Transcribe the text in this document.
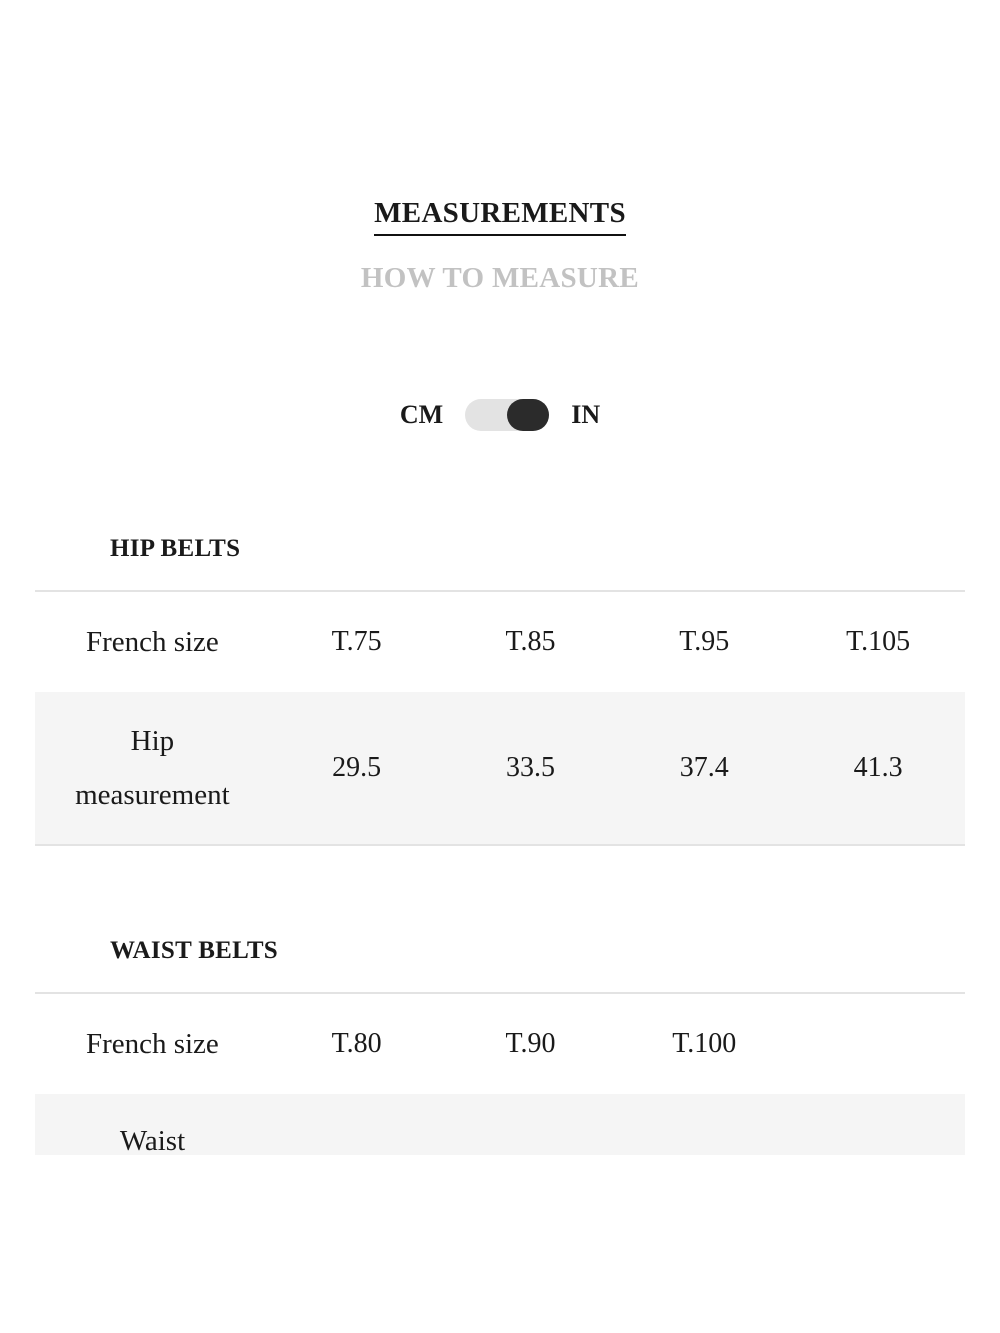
MEASUREMENTS
HOW TO MEASURE
CM	IN
HIP BELTS
French size	T.75	T.85	T.95	T.105
Hip
measurement
29.5	33.5	37.4	41.3
WAIST BELTS
French size	T.80	T.90	T.100
Waist
